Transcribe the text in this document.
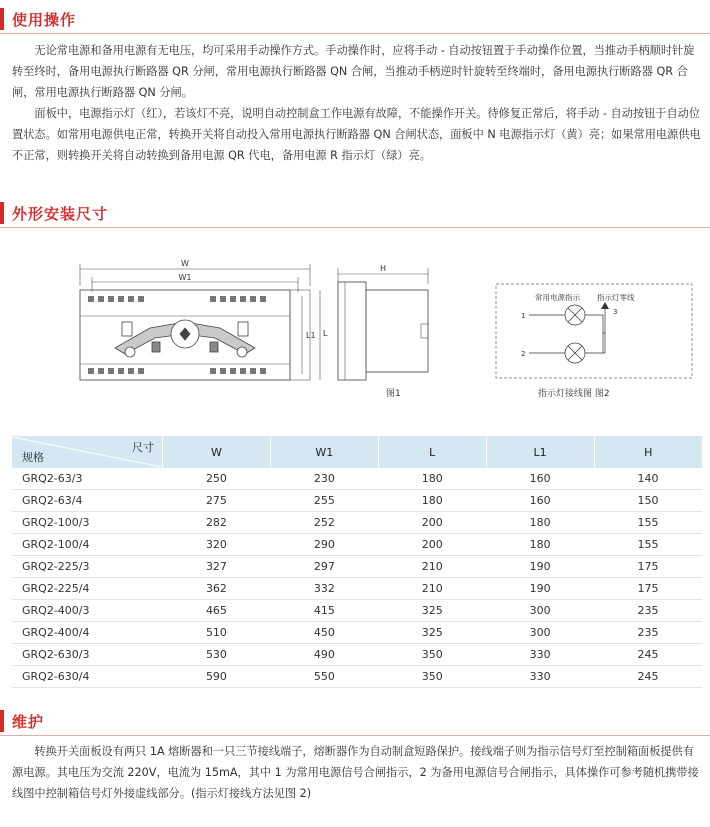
使用操作

无论常电源和备用电源有无电压，均可采用手动操作方式。手动操作时，应将手动 - 自动按钮置于手动操作位置，当推动手柄顺时针旋转至终时，备用电源执行断路器 QR 分闸，常用电源执行断路器 QN 合闸，当推动手柄逆时针旋转至终端时，备用电源执行断路器 QR 合闸，常用电源执行断路器 QN 分闸。

面板中，电源指示灯（红），若该灯不亮，说明自动控制盒工作电源有故障，不能操作开关。待修复正常后，将手动 - 自动按钮于自动位置状态。如常用电源供电正常，转换开关将自动投入常用电源执行断路器 QN 合闸状态，面板中 N 电源指示灯（黄）亮；如果常用电源供电不正常，则转换开关将自动转换到备用电源 QR 代电，备用电源 R 指示灯（绿）亮。

外形安装尺寸
W
W1
L1 L
H
图1
常用电源指示 指示灯零线
1
2
3
指示灯接线图 图2
尺寸
规格	W	W1	L	L1	H
GRQ2-63/3	250	230	180	160	140
GRQ2-63/4	275	255	180	160	150
GRQ2-100/3	282	252	200	180	155
GRQ2-100/4	320	290	200	180	155
GRQ2-225/3	327	297	210	190	175
GRQ2-225/4	362	332	210	190	175
GRQ2-400/3	465	415	325	300	235
GRQ2-400/4	510	450	325	300	235
GRQ2-630/3	530	490	350	330	245
GRQ2-630/4	590	550	350	330	245
维护

转换开关面板设有两只 1A 熔断器和一只三节接线端子，熔断器作为自动制盒短路保护。接线端子则为指示信号灯至控制箱面板提供有源电源。其电压为交流 220V，电流为 15mA，其中 1 为常用电源信号合闸指示，2 为备用电源信号合闸指示，具体操作可参考随机携带接线图中控制箱信号灯外接虚线部分。(指示灯接线方法见图 2)
